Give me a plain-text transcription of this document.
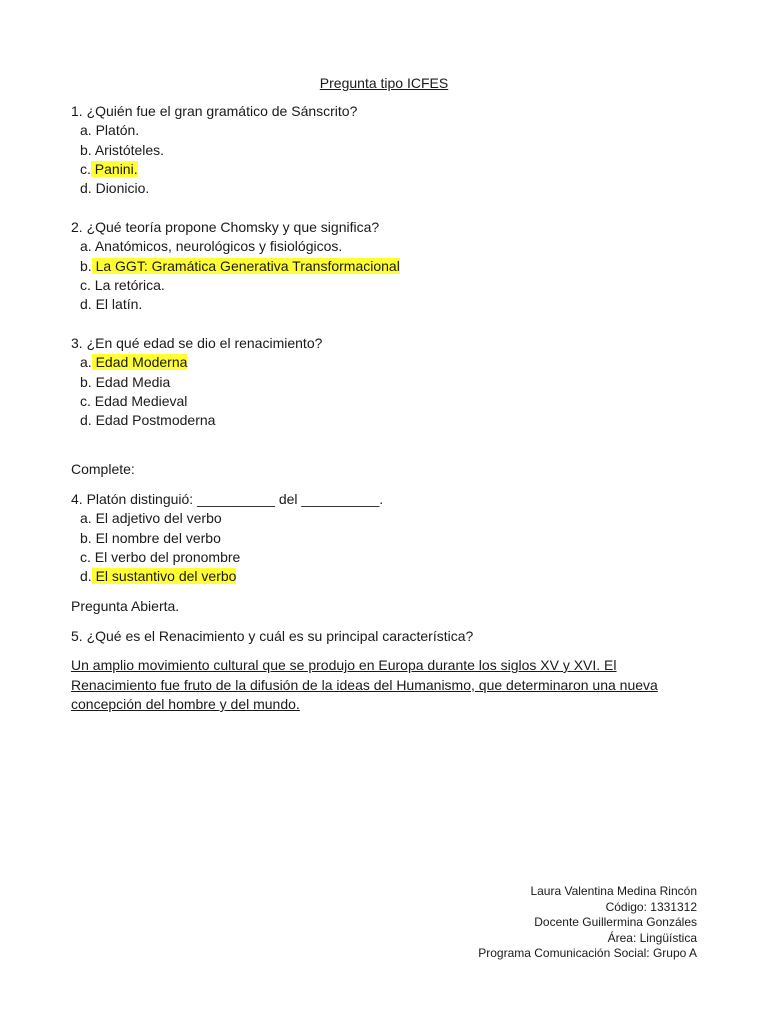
Pregunta tipo ICFES
1. ¿Quién fue el gran gramático de Sánscrito?
a. Platón.
b. Aristóteles.
c. Panini.
d. Dionicio.
2. ¿Qué teoría propone Chomsky y que significa?
a. Anatómicos, neurológicos y fisiológicos.
b. La GGT: Gramática Generativa Transformacional
c. La retórica.
d. El latín.
3. ¿En qué edad se dio el renacimiento?
a. Edad Moderna
b. Edad Media
c. Edad Medieval
d. Edad Postmoderna
Complete:
4. Platón distinguió: __________ del __________.
a. El adjetivo del verbo
b. El nombre del verbo
c. El verbo del pronombre
d. El sustantivo del verbo
Pregunta Abierta.
5. ¿Qué es el Renacimiento y cuál es su principal característica?
Un amplio movimiento cultural que se produjo en Europa durante los siglos XV y XVI. El Renacimiento fue fruto de la difusión de la ideas del Humanismo, que determinaron una nueva concepción del hombre y del mundo.
Laura Valentina Medina Rincón
Código: 1331312
Docente Guillermina Gonzáles
Área: Lingüística
Programa Comunicación Social: Grupo A
